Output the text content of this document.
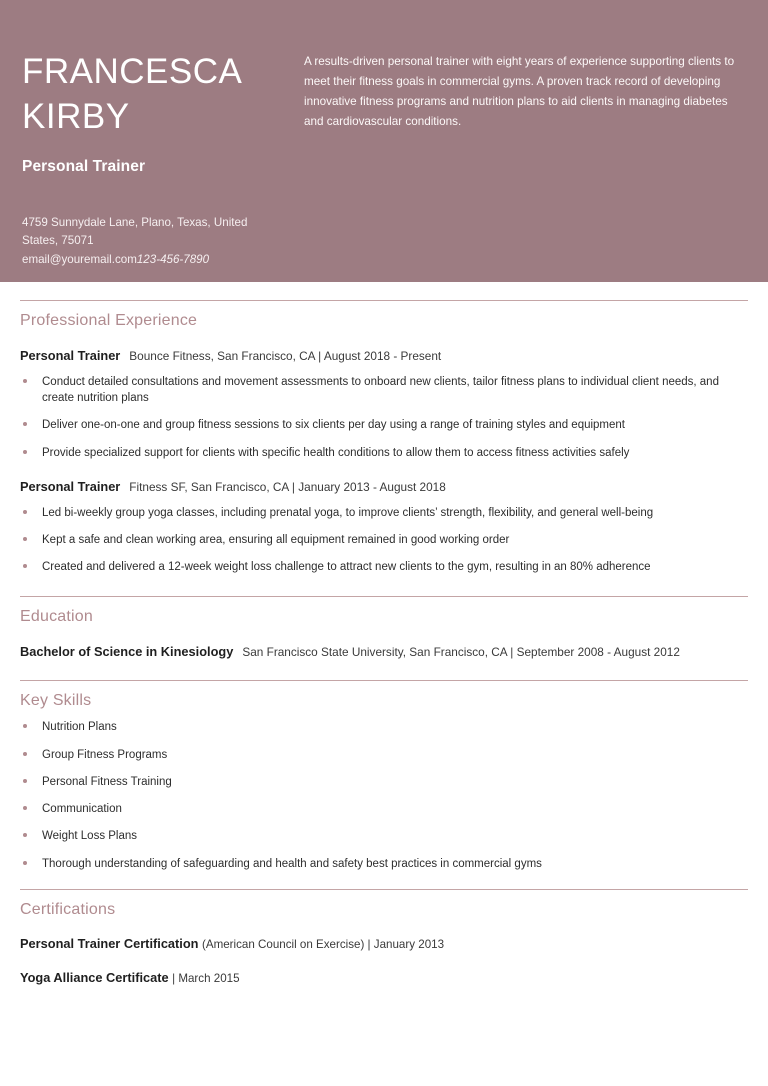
FRANCESCA
KIRBY
Personal Trainer
4759 Sunnydale Lane, Plano, Texas, United
States, 75071
email@youremail.com123-456-7890
A results-driven personal trainer with eight years of experience supporting clients to meet their fitness goals in commercial gyms. A proven track record of developing innovative fitness programs and nutrition plans to aid clients in managing diabetes and cardiovascular conditions.
Professional Experience
Personal Trainer Bounce Fitness, San Francisco, CA | August 2018 - Present
Conduct detailed consultations and movement assessments to onboard new clients, tailor fitness plans to individual client needs, and create nutrition plans
Deliver one-on-one and group fitness sessions to six clients per day using a range of training styles and equipment
Provide specialized support for clients with specific health conditions to allow them to access fitness activities safely
Personal Trainer Fitness SF, San Francisco, CA | January 2013 - August 2018
Led bi-weekly group yoga classes, including prenatal yoga, to improve clients’ strength, flexibility, and general well-being
Kept a safe and clean working area, ensuring all equipment remained in good working order
Created and delivered a 12-week weight loss challenge to attract new clients to the gym, resulting in an 80% adherence
Education
Bachelor of Science in Kinesiology San Francisco State University, San Francisco, CA | September 2008 - August 2012
Key Skills
Nutrition Plans
Group Fitness Programs
Personal Fitness Training
Communication
Weight Loss Plans
Thorough understanding of safeguarding and health and safety best practices in commercial gyms
Certifications
Personal Trainer Certification (American Council on Exercise) | January 2013
Yoga Alliance Certificate | March 2015
